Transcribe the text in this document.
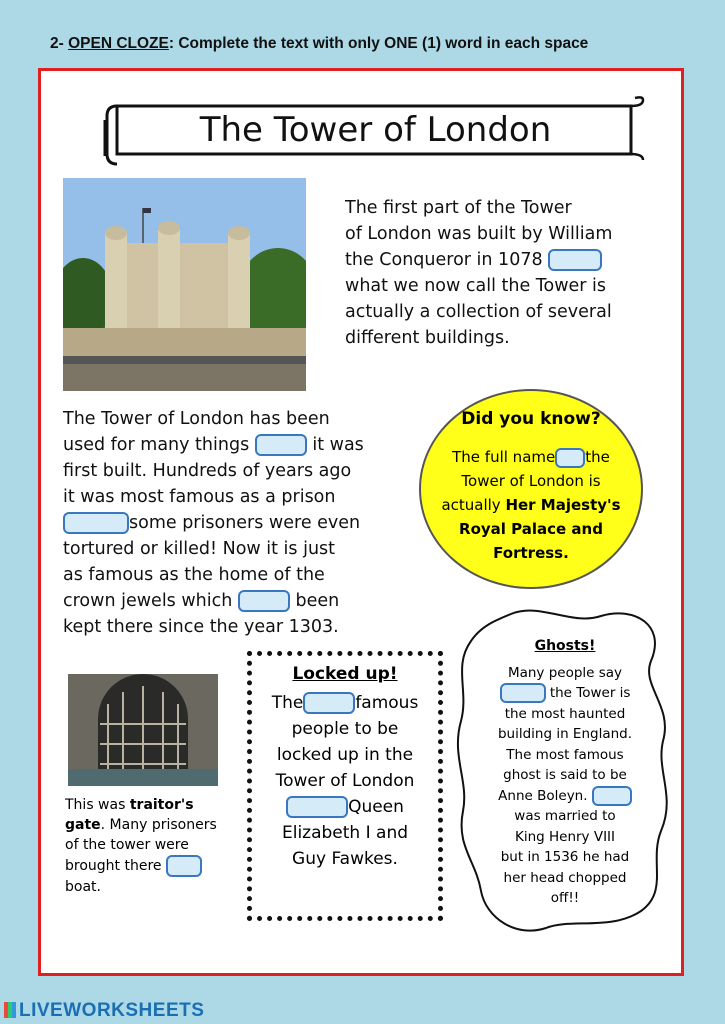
2- OPEN CLOZE: Complete the text with only ONE (1) word in each space
The Tower of London
The first part of the Tower
of London was built by William
the Conqueror in 1078
what we now call the Tower is
actually a collection of several
different buildings.
The Tower of London has been
used for many things	it was
first built. Hundreds of years ago
it was most famous as a prison
some prisoners were even
tortured or killed! Now it is just
as famous as the home of the
crown jewels which	been
kept there since the year 1303.
Did you know?

The full name the

Tower of London is

actually Her Majesty's

Royal Palace and

Fortress.

This was traitor's
gate. Many prisoners
of the tower were
brought there
boat.
Locked up!

The	famous

people to be

locked up in the

Tower of London

Queen

Elizabeth I and

Guy Fawkes.

Ghosts!
Many people say
the Tower is
the most haunted
building in England.
The most famous
ghost is said to be
Anne Boleyn.
was married to
King Henry VIII
but in 1536 he had
her head chopped
off!!
LIVEWORKSHEETS
